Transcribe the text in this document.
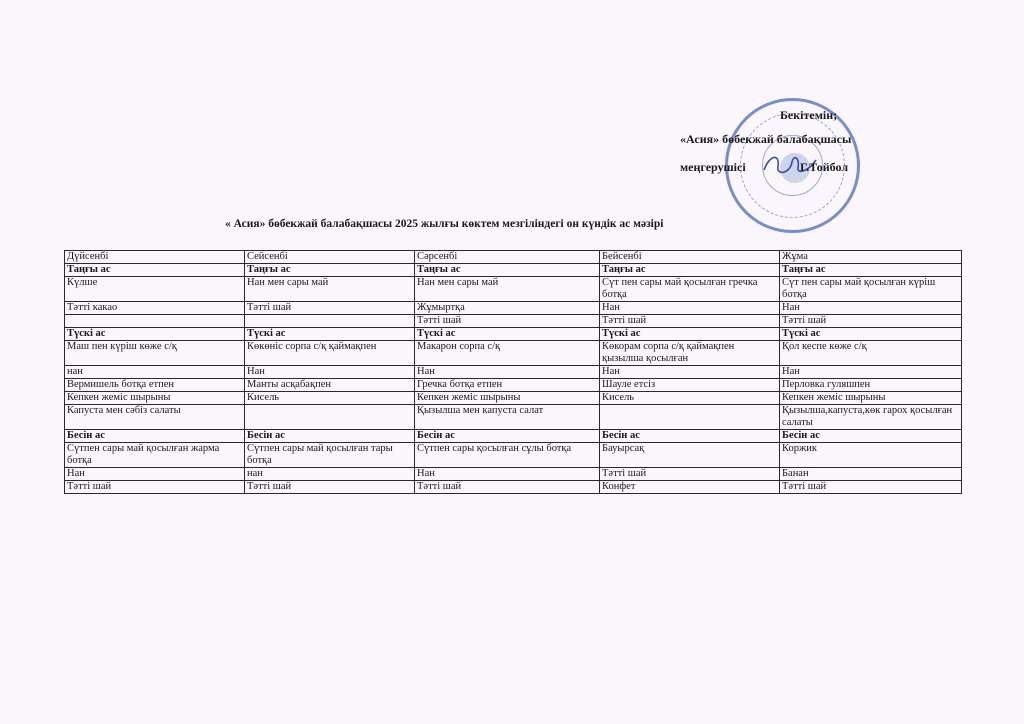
Бекітемін;
«Асия» бөбекжай балабақшасы
меңгерушісі	Г.Тойбол
« Асия» бөбекжай балабақшасы 2025 жылғы көктем мезгіліндегі он күндік ас мәзірі
Дүйсенбі	Сейсенбі	Сәрсенбі	Бейсенбі	Жұма
Таңғы ас	Таңғы ас	Таңғы ас	Таңғы ас	Таңғы ас
Күлше	Нан мен сары май	Нан мен сары май	Сүт пен сары май қосылған гречка ботқа	Сүт пен сары май қосылған күріш ботқа
Тәтті какао	Тәтті шай	Жұмыртқа	Нан	Нан
		Тәтті шай	Тәтті шай	Тәтті шай
Түскі ас	Түскі ас	Түскі ас	Түскі ас	Түскі ас
Маш пен күріш көже с/қ	Көкөніс сорпа с/қ қаймақпен	Макарон сорпа с/қ	Көкорам сорпа с/қ қаймақпен қызылша қосылған	Қол кеспе көже с/қ
нан	Нан	Нан	Нан	Нан
Вермишель ботқа етпен	Манты асқабақпен	Гречка ботқа етпен	Шауле етсіз	Перловка гуляшпен
Кепкен жеміс шырыны	Кисель	Кепкен жеміс шырыны	Кисель	Кепкен жеміс шырыны
Капуста мен сәбіз салаты		Қызылша мен капуста салат		Қызылша,капуста,көк гарох қосылған салаты
Бесін ас	Бесін ас	Бесін ас	Бесін ас	Бесін ас
Сүтпен сары май қосылған жарма ботқа	Сүтпен сары май қосылған тары ботқа	Сүтпен сары қосылған сұлы ботқа	Бауырсақ	Коржик
Нан	нан	Нан	Тәтті шай	Банан
Тәтті шай	Тәтті шай	Тәтті шай	Конфет	Тәтті шай
